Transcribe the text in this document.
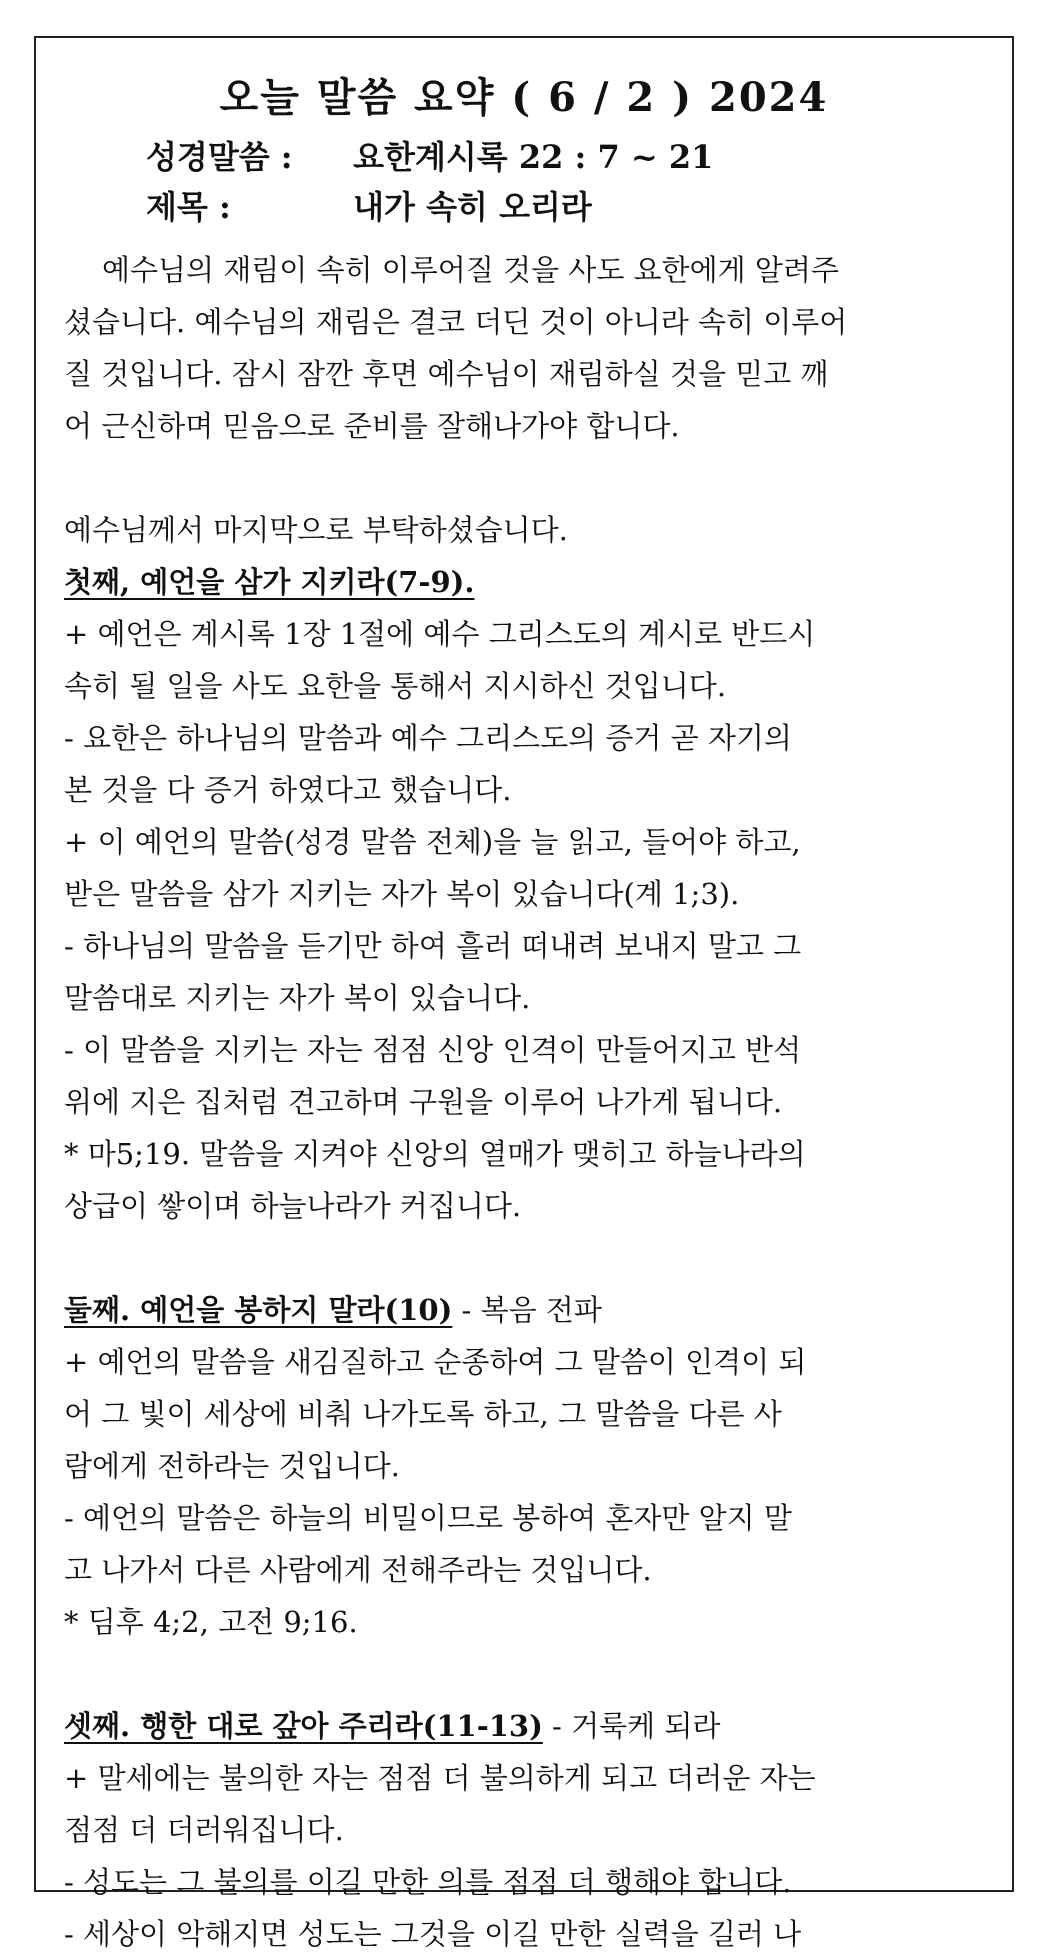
오늘 말씀 요약 ( 6 / 2 ) 2024
성경말씀 : 요한계시록 22 : 7 ~ 21
제목 :	내가 속히 오리라
예수님의 재림이 속히 이루어질 것을 사도 요한에게 알려주
셨습니다. 예수님의 재림은 결코 더딘 것이 아니라 속히 이루어
질 것입니다. 잠시 잠깐 후면 예수님이 재림하실 것을 믿고 깨
어 근신하며 믿음으로 준비를 잘해나가야 합니다.
예수님께서 마지막으로 부탁하셨습니다.
첫째, 예언을 삼가 지키라(7-9).
+ 예언은 계시록 1장 1절에 예수 그리스도의 계시로 반드시
속히 될 일을 사도 요한을 통해서 지시하신 것입니다.
- 요한은 하나님의 말씀과 예수 그리스도의 증거 곧 자기의
본 것을 다 증거 하였다고 했습니다.
+ 이 예언의 말씀(성경 말씀 전체)을 늘 읽고, 들어야 하고,
받은 말씀을 삼가 지키는 자가 복이 있습니다(계 1;3).
- 하나님의 말씀을 듣기만 하여 흘러 떠내려 보내지 말고 그
말씀대로 지키는 자가 복이 있습니다.
- 이 말씀을 지키는 자는 점점 신앙 인격이 만들어지고 반석
위에 지은 집처럼 견고하며 구원을 이루어 나가게 됩니다.
* 마5;19. 말씀을 지켜야 신앙의 열매가 맺히고 하늘나라의
상급이 쌓이며 하늘나라가 커집니다.
둘째. 예언을 봉하지 말라(10) - 복음 전파
+ 예언의 말씀을 새김질하고 순종하여 그 말씀이 인격이 되
어 그 빛이 세상에 비춰 나가도록 하고, 그 말씀을 다른 사
람에게 전하라는 것입니다.
- 예언의 말씀은 하늘의 비밀이므로 봉하여 혼자만 알지 말
고 나가서 다른 사람에게 전해주라는 것입니다.
* 딤후 4;2, 고전 9;16.
셋째. 행한 대로 갚아 주리라(11-13) - 거룩케 되라
+ 말세에는 불의한 자는 점점 더 불의하게 되고 더러운 자는
점점 더 더러워집니다.
- 성도는 그 불의를 이길 만한 의를 점점 더 행해야 합니다.
- 세상이 악해지면 성도는 그것을 이길 만한 실력을 길러 나
